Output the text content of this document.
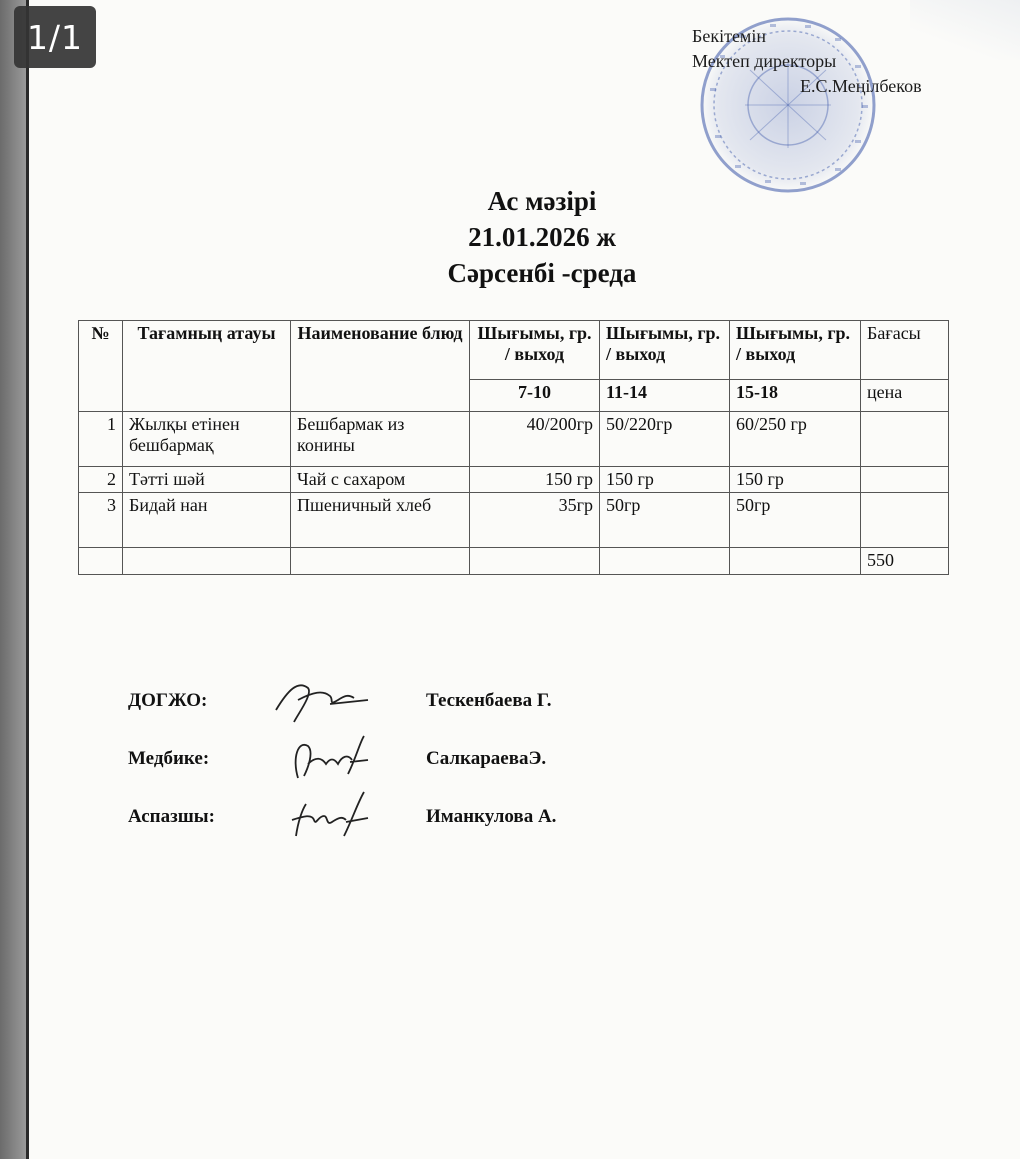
1/1	Бекітемін
Мектеп директоры
Е.С.Меңілбеков
Ас мәзірі
21.01.2026 ж
Сәрсенбі -среда
№	Тағамның атауы	Наименование блюд	Шығымы, гр. / выход	Шығымы, гр. / выход	Шығымы, гр. / выход	Бағасы
						цена
			7-10	11-14	15-18	
1	Жылқы етінен бешбармақ	Бешбармак из конины	40/200гр	50/220гр	60/250 гр	
2	Тәтті шәй	Чай с сахаром	150 гр	150 гр	150 гр	
3	Бидай нан	Пшеничный хлеб	35гр	50гр	50гр	
						550
ДОГЖО:	Тескенбаева Г.
Медбике:	СалкараеваЭ.
Аспазшы:	Иманкулова А.
